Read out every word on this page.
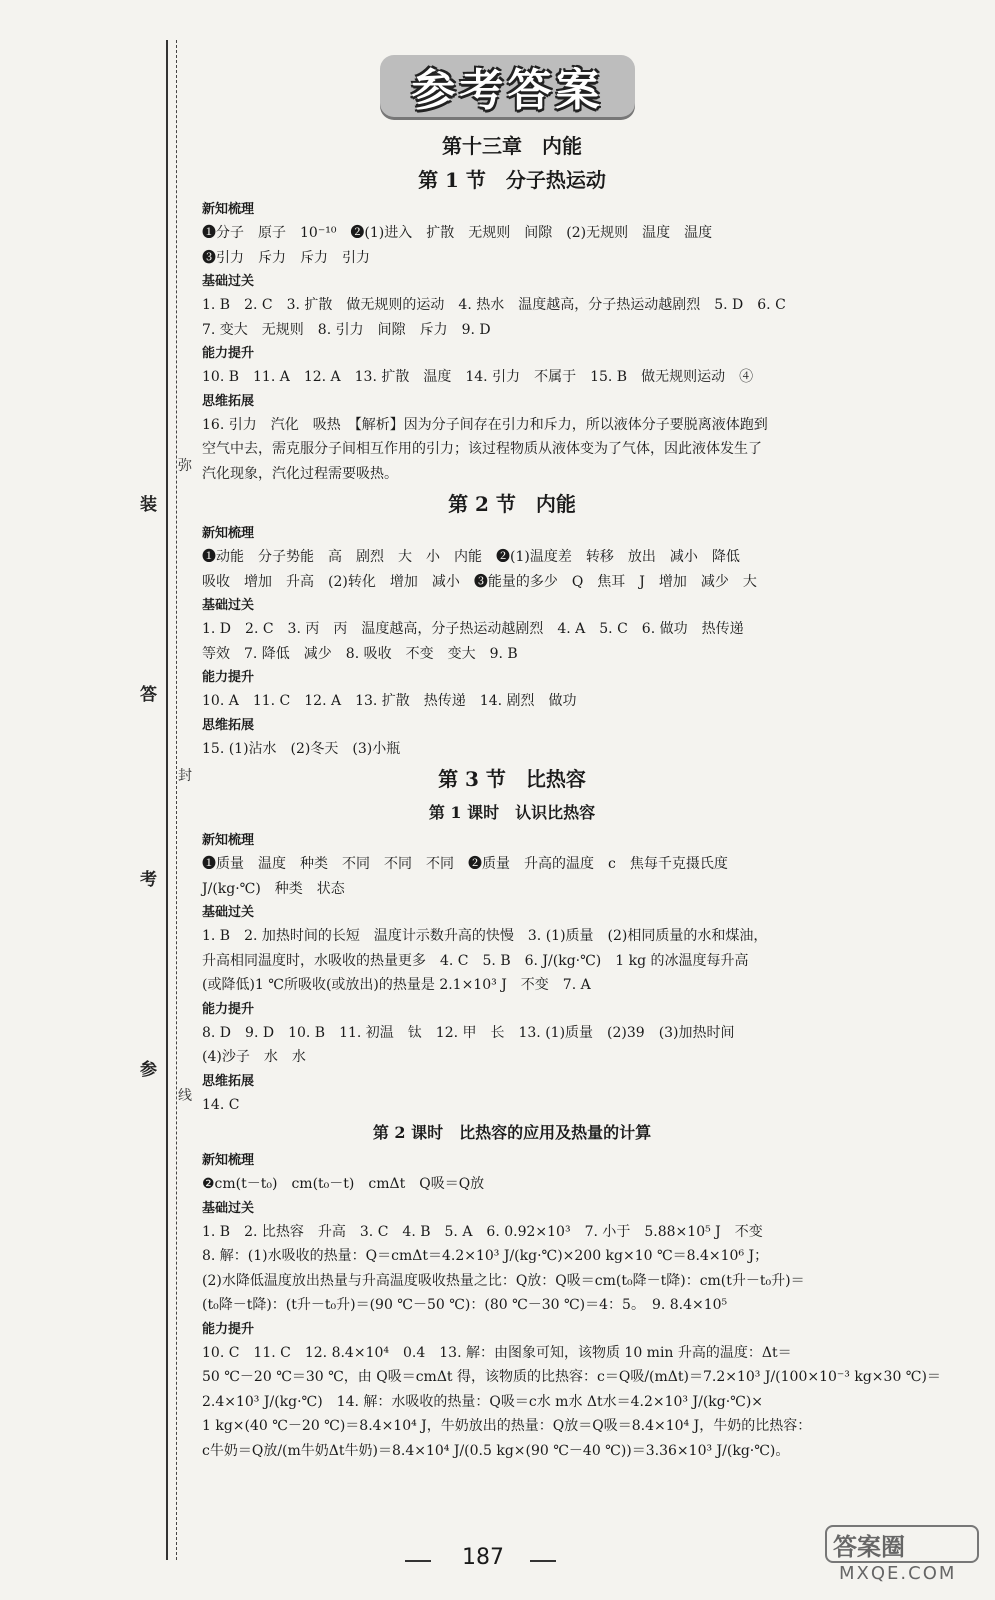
弥
封
线
装
答
考
参
参考答案

第十三章　内能

第 1 节　分子热运动

新知梳理

❶分子　原子　10⁻¹⁰　❷(1)进入　扩散　无规则　间隙　(2)无规则　温度　温度

❸引力　斥力　斥力　引力

基础过关

1. B　2. C　3. 扩散　做无规则的运动　4. 热水　温度越高，分子热运动越剧烈　5. D　6. C

7. 变大　无规则　8. 引力　间隙　斥力　9. D

能力提升

10. B　11. A　12. A　13. 扩散　温度　14. 引力　不属于　15. B　做无规则运动　④

思维拓展

16. 引力　汽化　吸热　【解析】因为分子间存在引力和斥力，所以液体分子要脱离液体跑到

空气中去，需克服分子间相互作用的引力；该过程物质从液体变为了气体，因此液体发生了

汽化现象，汽化过程需要吸热。

第 2 节　内能

新知梳理

❶动能　分子势能　高　剧烈　大　小　内能　❷(1)温度差　转移　放出　减小　降低

吸收　增加　升高　(2)转化　增加　减小　❸能量的多少　Q　焦耳　J　增加　减少　大

基础过关

1. D　2. C　3. 丙　丙　温度越高，分子热运动越剧烈　4. A　5. C　6. 做功　热传递

等效　7. 降低　减少　8. 吸收　不变　变大　9. B

能力提升

10. A　11. C　12. A　13. 扩散　热传递　14. 剧烈　做功

思维拓展

15. (1)沾水　(2)冬天　(3)小瓶

第 3 节　比热容

第 1 课时　认识比热容

新知梳理

❶质量　温度　种类　不同　不同　不同　❷质量　升高的温度　c　焦每千克摄氏度

J/(kg·℃)　种类　状态

基础过关

1. B　2. 加热时间的长短　温度计示数升高的快慢　3. (1)质量　(2)相同质量的水和煤油，

升高相同温度时，水吸收的热量更多　4. C　5. B　6. J/(kg·℃)　1 kg 的冰温度每升高

(或降低)1 ℃所吸收(或放出)的热量是 2.1×10³ J　不变　7. A

能力提升

8. D　9. D　10. B　11. 初温　钛　12. 甲　长　13. (1)质量　(2)39　(3)加热时间

(4)沙子　水　水

思维拓展

14. C

第 2 课时　比热容的应用及热量的计算

新知梳理

❷cm(t－t₀)　cm(t₀－t)　cmΔt　Q吸＝Q放

基础过关

1. B　2. 比热容　升高　3. C　4. B　5. A　6. 0.92×10³　7. 小于　5.88×10⁵ J　不变

8. 解：(1)水吸收的热量：Q＝cmΔt＝4.2×10³ J/(kg·℃)×200 kg×10 ℃＝8.4×10⁶ J；

(2)水降低温度放出热量与升高温度吸收热量之比：Q放：Q吸＝cm(t₀降－t降)：cm(t升－t₀升)＝

(t₀降－t降)：(t升－t₀升)＝(90 ℃－50 ℃)：(80 ℃－30 ℃)＝4：5。　9. 8.4×10⁵

能力提升

10. C　11. C　12. 8.4×10⁴　0.4　13. 解：由图象可知，该物质 10 min 升高的温度：Δt＝

50 ℃－20 ℃＝30 ℃，由 Q吸＝cmΔt 得，该物质的比热容：c＝Q吸/(mΔt)＝7.2×10³ J/(100×10⁻³ kg×30 ℃)＝

2.4×10³ J/(kg·℃)　14. 解：水吸收的热量：Q吸＝c水 m水 Δt水＝4.2×10³ J/(kg·℃)×

1 kg×(40 ℃－20 ℃)＝8.4×10⁴ J，牛奶放出的热量：Q放＝Q吸＝8.4×10⁴ J，牛奶的比热容：

c牛奶＝Q放/(m牛奶Δt牛奶)＝8.4×10⁴ J/(0.5 kg×(90 ℃－40 ℃))＝3.36×10³ J/(kg·℃)。

187	答案圈
MXQE.COM
